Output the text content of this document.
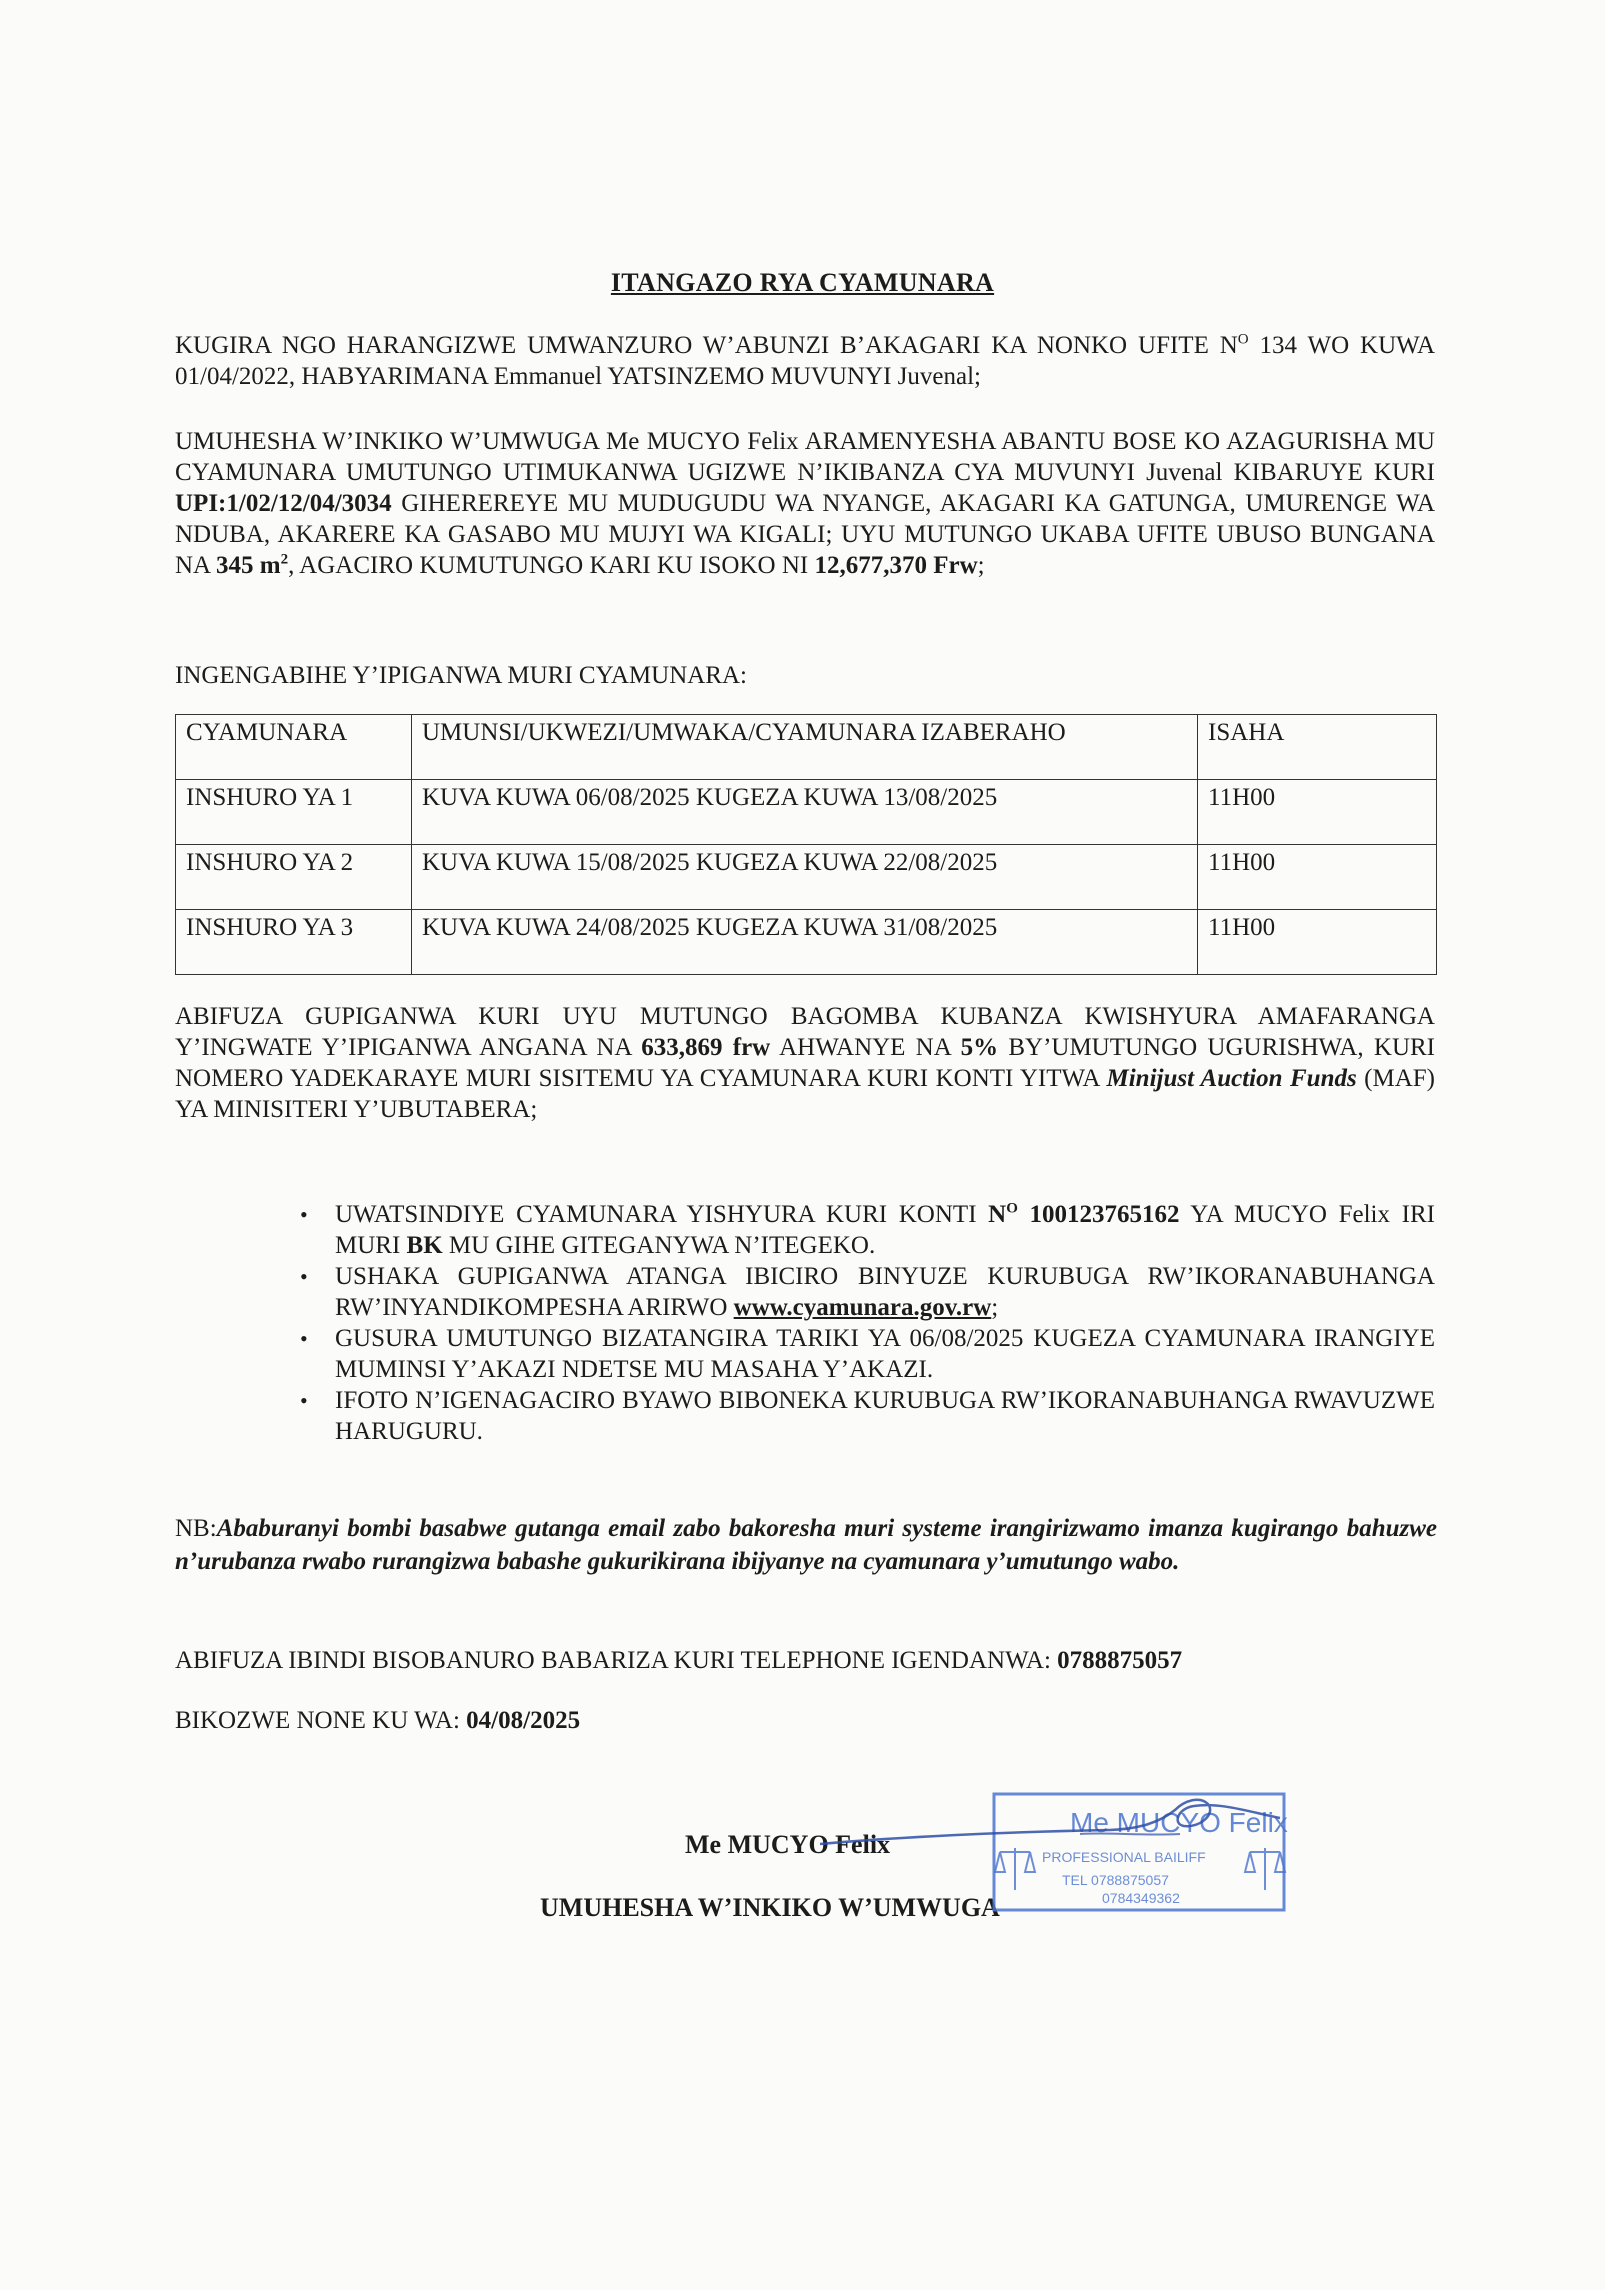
ITANGAZO RYA CYAMUNARA
KUGIRA NGO HARANGIZWE UMWANZURO W’ABUNZI B’AKAGARI KA NONKO UFITE $N^O$ 134 WO KUWA 01/04/2022, HABYARIMANA Emmanuel YATSINZEMO MUVUNYI Juvenal;
UMUHESHA W’INKIKO W’UMWUGA Me MUCYO Felix ARAMENYESHA ABANTU BOSE KO AZAGURISHA MU CYAMUNARA UMUTUNGO UTIMUKANWA UGIZWE N’IKIBANZA CYA MUVUNYI Juvenal KIBARUYE KURI UPI:1/02/12/04/3034 GIHEREREYE MU MUDUGUDU WA NYANGE, AKAGARI KA GATUNGA, UMURENGE WA NDUBA, AKARERE KA GASABO MU MUJYI WA KIGALI; UYU MUTUNGO UKABA UFITE UBUSO BUNGANA NA 345 $m^2$, AGACIRO KUMUTUNGO KARI KU ISOKO NI 12,677,370 Frw;
INGENGABIHE Y’IPIGANWA MURI CYAMUNARA:
CYAMUNARA	UMUNSI/UKWEZI/UMWAKA/CYAMUNARA IZABERAHO	ISAHA
INSHURO YA 1	KUVA KUWA 06/08/2025 KUGEZA KUWA 13/08/2025	11H00
INSHURO YA 2	KUVA KUWA 15/08/2025 KUGEZA KUWA 22/08/2025	11H00
INSHURO YA 3	KUVA KUWA 24/08/2025 KUGEZA KUWA 31/08/2025	11H00
ABIFUZA GUPIGANWA KURI UYU MUTUNGO BAGOMBA KUBANZA KWISHYURA AMAFARANGA Y’INGWATE Y’IPIGANWA ANGANA NA 633,869 frw AHWANYE NA 5% BY’UMUTUNGO UGURISHWA, KURI NOMERO YADEKARAYE MURI SISITEMU YA CYAMUNARA KURI KONTI YITWA Minijust Auction Funds (MAF) YA MINISITERI Y’UBUTABERA;
• UWATSINDIYE CYAMUNARA YISHYURA KURI KONTI $N^O$ 100123765162 YA MUCYO Felix IRI MURI BK MU GIHE GITEGANYWA N’ITEGEKO.
• USHAKA GUPIGANWA ATANGA IBICIRO BINYUZE KURUBUGA RW’IKORANABUHANGA RW’INYANDIKOMPESHA ARIRWO www.cyamunara.gov.rw;
• GUSURA UMUTUNGO BIZATANGIRA TARIKI YA 06/08/2025 KUGEZA CYAMUNARA IRANGIYE MUMINSI Y’AKAZI NDETSE MU MASAHA Y’AKAZI.
• IFOTO N’IGENAGACIRO BYAWO BIBONEKA KURUBUGA RW’IKORANABUHANGA RWAVUZWE HARUGURU.
NB:Ababuranyi bombi basabwe gutanga email zabo bakoresha muri systeme irangirizwamo imanza kugirango bahuzwe n’urubanza rwabo rurangizwa babashe gukurikirana ibijyanye na cyamunara y’umutungo wabo.
ABIFUZA IBINDI BISOBANURO BABARIZA KURI TELEPHONE IGENDANWA: 0788875057
BIKOZWE NONE KU WA: 04/08/2025
Me MUCYO Felix
UMUHESHA W’INKIKO W’UMWUGA
Me MUCYO Felix
PROFESSIONAL BAILIFF
TEL 0788875057
0784349362
